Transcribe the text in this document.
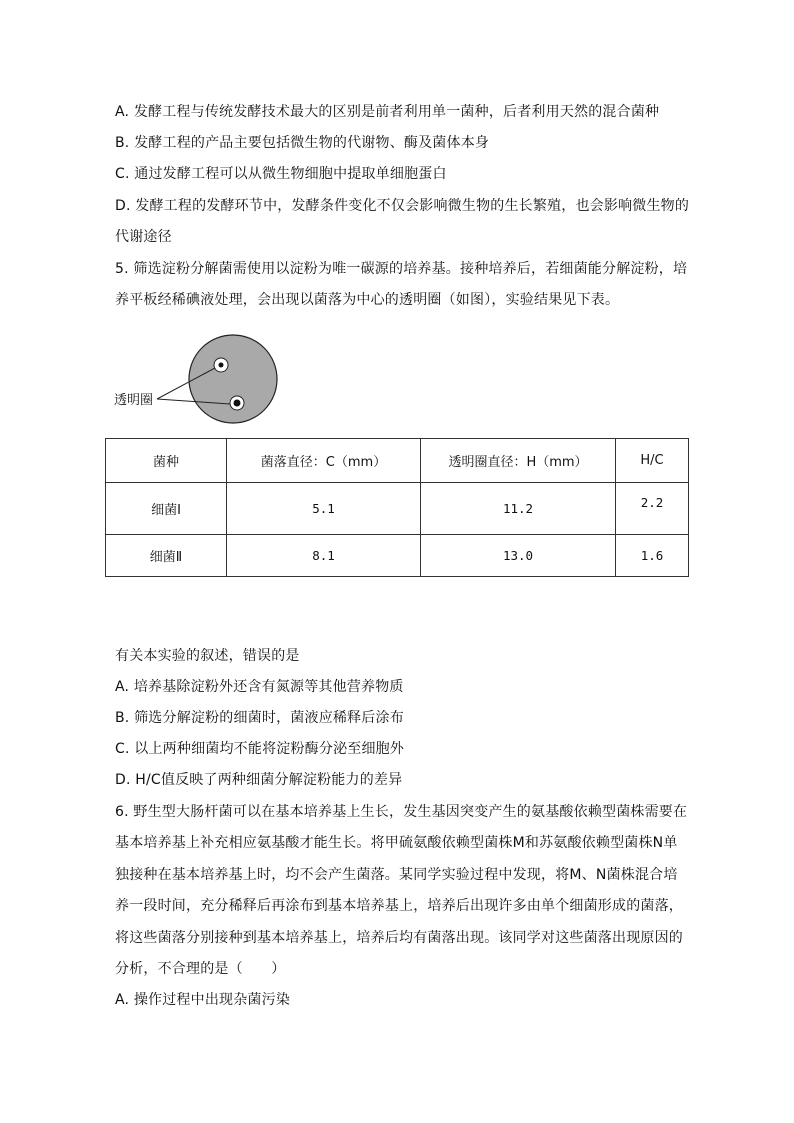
A. 发酵工程与传统发酵技术最大的区别是前者利用单一菌种，后者利用天然的混合菌种
B. 发酵工程的产品主要包括微生物的代谢物、酶及菌体本身
C. 通过发酵工程可以从微生物细胞中提取单细胞蛋白
D. 发酵工程的发酵环节中，发酵条件变化不仅会影响微生物的生长繁殖，也会影响微生物的
代谢途径
5. 筛选淀粉分解菌需使用以淀粉为唯一碳源的培养基。接种培养后，若细菌能分解淀粉，培
养平板经稀碘液处理，会出现以菌落为中心的透明圈（如图），实验结果见下表。
透明圈
菌种	菌落直径：C（mm）	透明圈直径：H（mm）	H/C
细菌Ⅰ	5.1	11.2	2.2
细菌Ⅱ	8.1	13.0	1.6
有关本实验的叙述，错误的是
A. 培养基除淀粉外还含有氮源等其他营养物质
B. 筛选分解淀粉的细菌时，菌液应稀释后涂布
C. 以上两种细菌均不能将淀粉酶分泌至细胞外
D. H/C值反映了两种细菌分解淀粉能力的差异
6. 野生型大肠杆菌可以在基本培养基上生长，发生基因突变产生的氨基酸依赖型菌株需要在
基本培养基上补充相应氨基酸才能生长。将甲硫氨酸依赖型菌株M和苏氨酸依赖型菌株N单
独接种在基本培养基上时，均不会产生菌落。某同学实验过程中发现，将M、N菌株混合培
养一段时间，充分稀释后再涂布到基本培养基上，培养后出现许多由单个细菌形成的菌落，
将这些菌落分别接种到基本培养基上，培养后均有菌落出现。该同学对这些菌落出现原因的
分析，不合理的是（　　）
A. 操作过程中出现杂菌污染
